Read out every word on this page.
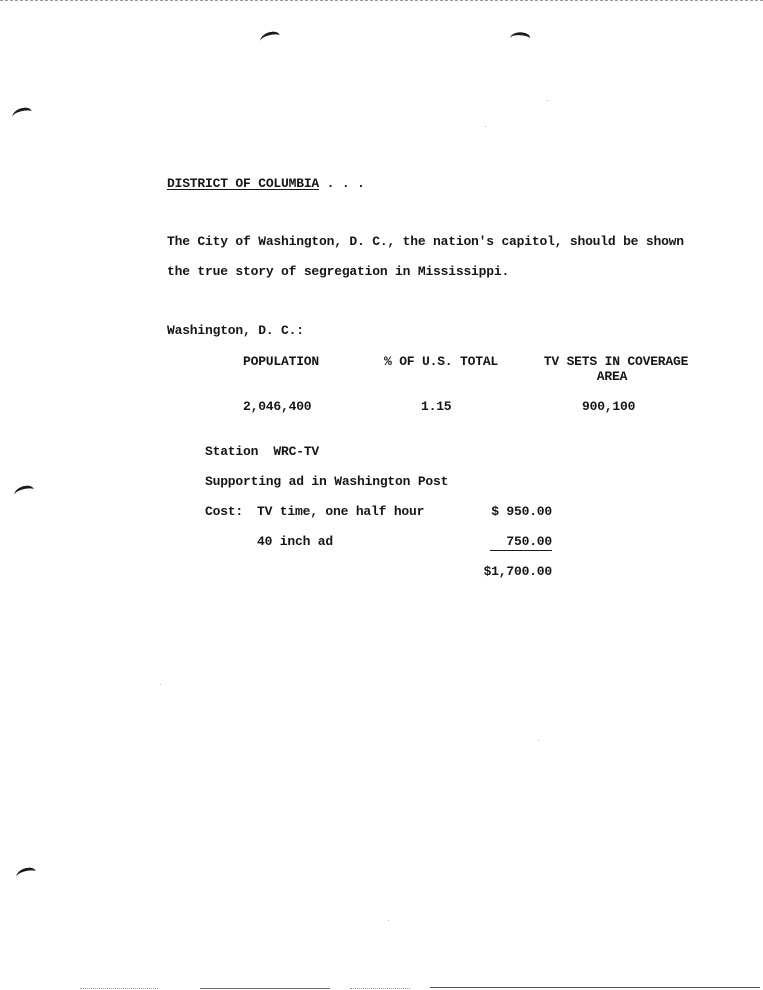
DISTRICT OF COLUMBIA . . .
The City of Washington, D. C., the nation's capitol, should be shown
the true story of segregation in Mississippi.
Washington, D. C.:
POPULATION	% OF U.S. TOTAL	TV SETS IN COVERAGE
AREA
2,046,400	1.15	900,100
Station  WRC-TV
Supporting ad in Washington Post
Cost: TV time, one half hour	$ 950.00
40 inch ad	750.00
$1,700.00
